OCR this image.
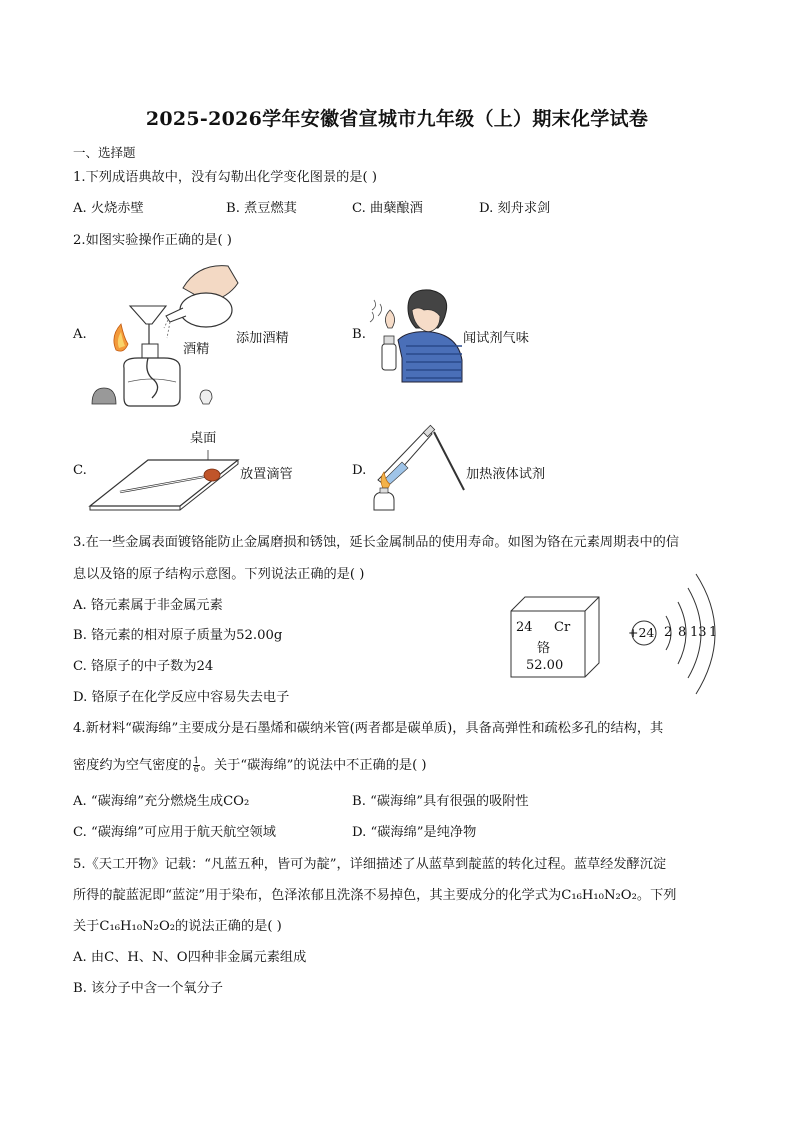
2025-2026学年安徽省宣城市九年级（上）期末化学试卷
一、选择题
1.下列成语典故中，没有勾勒出化学变化图景的是( )
A. 火烧赤壁	B. 煮豆燃萁	C. 曲蘖酿酒	D. 刻舟求剑
2.如图实验操作正确的是( )
A.
酒精
添加酒精	B.	闻试剂气味
桌面
C.	放置滴管	D.	加热液体试剂
3.在一些金属表面镀铬能防止金属磨损和锈蚀，延长金属制品的使用寿命。如图为铬在元素周期表中的信
息以及铬的原子结构示意图。下列说法正确的是( )
A. 铬元素属于非金属元素
B. 铬元素的相对原子质量为52.00g
C. 铬原子的中子数为24
D. 铬原子在化学反应中容易失去电子
24 Cr
铬
52.00
+24 2 8 13 1
4.新材料“碳海绵”主要成分是石墨烯和碳纳米管(两者都是碳单质)，具备高弹性和疏松多孔的结构，其
密度约为空气密度的 $\frac{1}{6}$ 。关于“碳海绵”的说法中不正确的是( )
A. “碳海绵”充分燃烧生成CO₂	B. “碳海绵”具有很强的吸附性
C. “碳海绵”可应用于航天航空领域	D. “碳海绵”是纯净物
5.《天工开物》记载：“凡蓝五种，皆可为靛”，详细描述了从蓝草到靛蓝的转化过程。蓝草经发酵沉淀
所得的靛蓝泥即“蓝淀”用于染布，色泽浓郁且洗涤不易掉色，其主要成分的化学式为C₁₆H₁₀N₂O₂。下列
关于C₁₆H₁₀N₂O₂的说法正确的是( )
A. 由C、H、N、O四种非金属元素组成
B. 该分子中含一个氧分子
